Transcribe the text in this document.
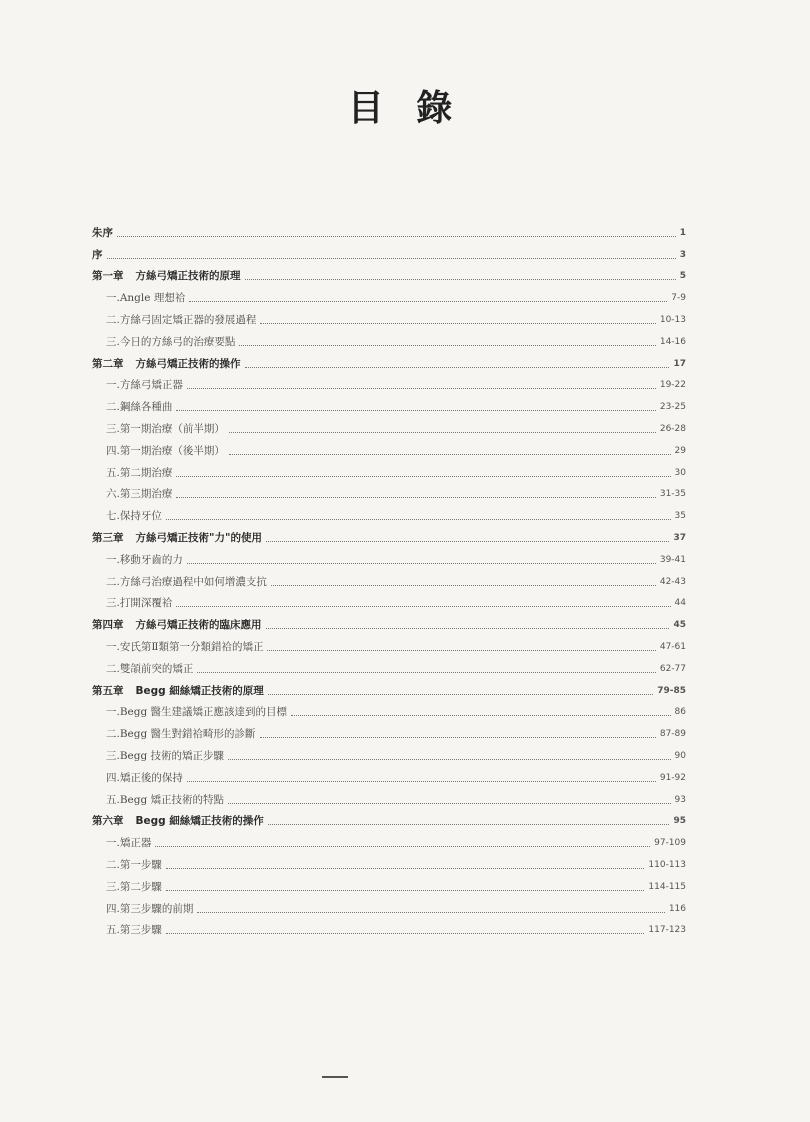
目 錄
朱序	1
序	3
第一章 方絲弓矯正技術的原理	5
一.Angle 理想祫	7-9
二.方絲弓固定矯正器的發展過程	10-13
三.今日的方絲弓的治療要點	14-16
第二章 方絲弓矯正技術的操作	17
一.方絲弓矯正器	19-22
二.鋼絲各種曲	23-25
三.第一期治療（前半期）	26-28
四.第一期治療（後半期）	29
五.第二期治療	30
六.第三期治療	31-35
七.保持牙位	35
第三章 方絲弓矯正技術"力"的使用	37
一.移動牙齒的力	39-41
二.方絲弓治療過程中如何增濃支抗	42-43
三.打開深覆祫	44
第四章 方絲弓矯正技術的臨床應用	45
一.安氏第Ⅱ類第一分類錯祫的矯正	47-61
二.雙頜前突的矯正	62-77
第五章 Begg 細絲矯正技術的原理	79-85
一.Begg 醫生建議矯正應該達到的目標	86
二.Begg 醫生對錯祫畸形的診斷	87-89
三.Begg 技術的矯正步驟	90
四.矯正後的保持	91-92
五.Begg 矯正技術的特點	93
第六章 Begg 細絲矯正技術的操作	95
一.矯正器	97-109
二.第一步驟	110-113
三.第二步驟	114-115
四.第三步驟的前期	116
五.第三步驟	117-123
